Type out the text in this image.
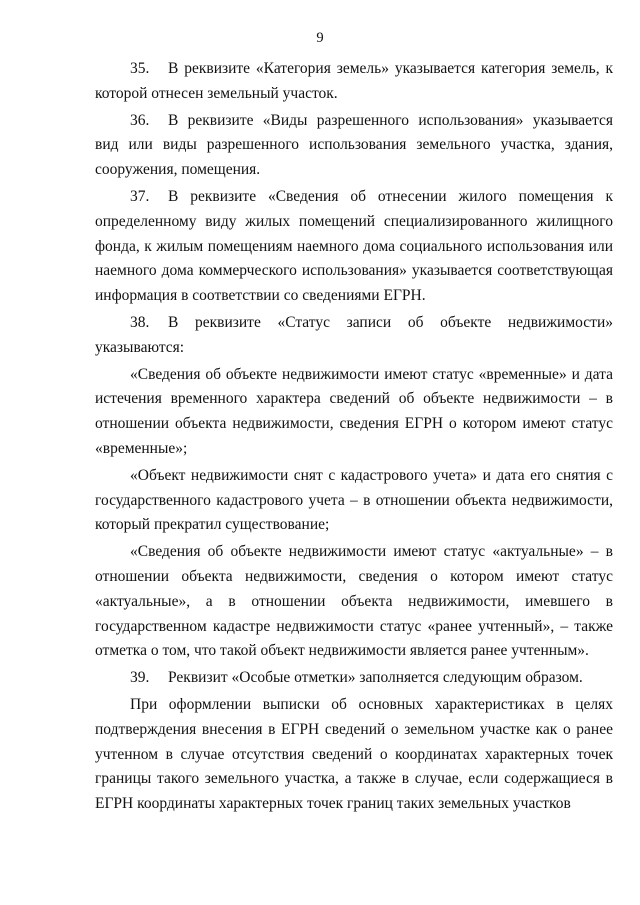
9

35. В реквизите «Категория земель» указывается категория земель, к которой отнесен земельный участок.

36. В реквизите «Виды разрешенного использования» указывается вид или виды разрешенного использования земельного участка, здания, сооружения, помещения.

37. В реквизите «Сведения об отнесении жилого помещения к определенному виду жилых помещений специализированного жилищного фонда, к жилым помещениям наемного дома социального использования или наемного дома коммерческого использования» указывается соответствующая информация в соответствии со сведениями ЕГРН.

38. В реквизите «Статус записи об объекте недвижимости» указываются:

«Сведения об объекте недвижимости имеют статус «временные» и дата истечения временного характера сведений об объекте недвижимости – в отношении объекта недвижимости, сведения ЕГРН о котором имеют статус «временные»;

«Объект недвижимости снят с кадастрового учета» и дата его снятия с государственного кадастрового учета – в отношении объекта недвижимости, который прекратил существование;

«Сведения об объекте недвижимости имеют статус «актуальные» – в отношении объекта недвижимости, сведения о котором имеют статус «актуальные», а в отношении объекта недвижимости, имевшего в государственном кадастре недвижимости статус «ранее учтенный», – также отметка о том, что такой объект недвижимости является ранее учтенным».

39. Реквизит «Особые отметки» заполняется следующим образом.

При оформлении выписки об основных характеристиках в целях подтверждения внесения в ЕГРН сведений о земельном участке как о ранее учтенном в случае отсутствия сведений о координатах характерных точек границы такого земельного участка, а также в случае, если содержащиеся в ЕГРН координаты характерных точек границ таких земельных участков
